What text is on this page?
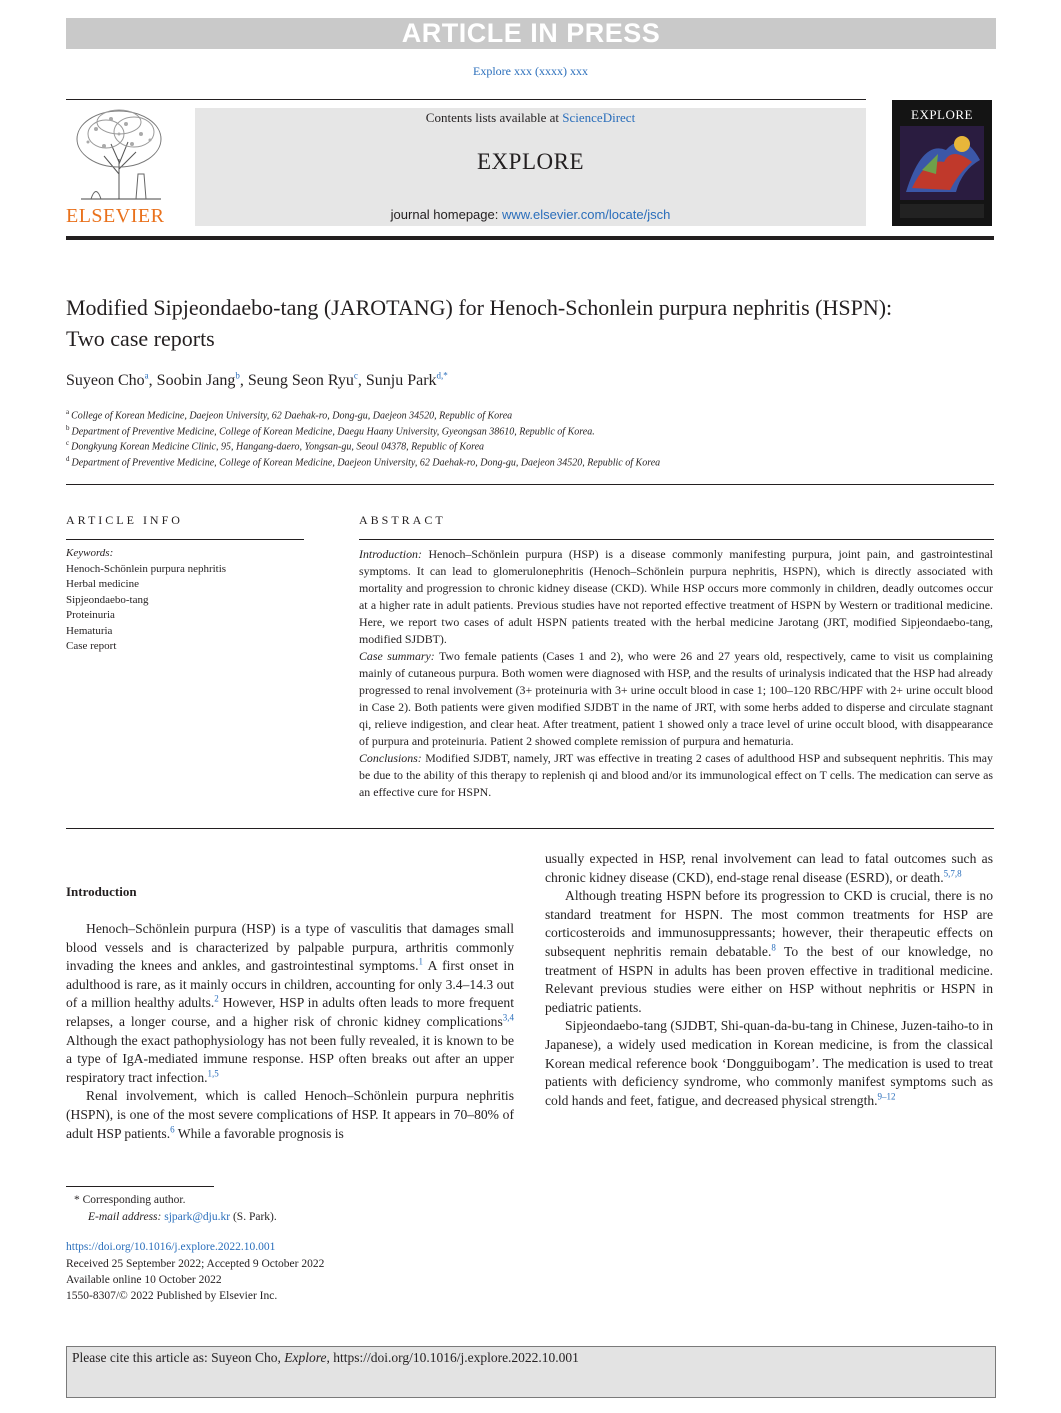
ARTICLE IN PRESS
Explore xxx (xxxx) xxx
ELSEVIER
Contents lists available at ScienceDirect
EXPLORE
journal homepage: www.elsevier.com/locate/jsch
EXPLORE
Modified Sipjeondaebo-tang (JAROTANG) for Henoch-Schonlein purpura nephritis (HSPN): Two case reports
Suyeon Cho$^a$, Soobin Jang$^b$, Seung Seon Ryu$^c$, Sunju Park$^{d,*}$
$^a$ College of Korean Medicine, Daejeon University, 62 Daehak-ro, Dong-gu, Daejeon 34520, Republic of Korea
$^b$ Department of Preventive Medicine, College of Korean Medicine, Daegu Haany University, Gyeongsan 38610, Republic of Korea.
$^c$ Dongkyung Korean Medicine Clinic, 95, Hangang-daero, Yongsan-gu, Seoul 04378, Republic of Korea
$^d$ Department of Preventive Medicine, College of Korean Medicine, Daejeon University, 62 Daehak-ro, Dong-gu, Daejeon 34520, Republic of Korea
ARTICLE INFO
Keywords:
Henoch-Schönlein purpura nephritis
Herbal medicine
Sipjeondaebo-tang
Proteinuria
Hematuria
Case report
ABSTRACT
Introduction: Henoch–Schönlein purpura (HSP) is a disease commonly manifesting purpura, joint pain, and gastrointestinal symptoms. It can lead to glomerulonephritis (Henoch–Schönlein purpura nephritis, HSPN), which is directly associated with mortality and progression to chronic kidney disease (CKD). While HSP occurs more commonly in children, deadly outcomes occur at a higher rate in adult patients. Previous studies have not reported effective treatment of HSPN by Western or traditional medicine. Here, we report two cases of adult HSPN patients treated with the herbal medicine Jarotang (JRT, modified Sipjeondaebo-tang, modified SJDBT).
Case summary: Two female patients (Cases 1 and 2), who were 26 and 27 years old, respectively, came to visit us complaining mainly of cutaneous purpura. Both women were diagnosed with HSP, and the results of urinalysis indicated that the HSP had already progressed to renal involvement (3+ proteinuria with 3+ urine occult blood in case 1; 100–120 RBC/HPF with 2+ urine occult blood in Case 2). Both patients were given modified SJDBT in the name of JRT, with some herbs added to disperse and circulate stagnant qi, relieve indigestion, and clear heat. After treatment, patient 1 showed only a trace level of urine occult blood, with disappearance of purpura and proteinuria. Patient 2 showed complete remission of purpura and hematuria.
Conclusions: Modified SJDBT, namely, JRT was effective in treating 2 cases of adulthood HSP and subsequent nephritis. This may be due to the ability of this therapy to replenish qi and blood and/or its immunological effect on T cells. The medication can serve as an effective cure for HSPN.
Introduction

Henoch–Schönlein purpura (HSP) is a type of vasculitis that damages small blood vessels and is characterized by palpable purpura, arthritis commonly invading the knees and ankles, and gastrointestinal symptoms.$^1$ A first onset in adulthood is rare, as it mainly occurs in children, accounting for only 3.4–14.3 out of a million healthy adults.$^2$ However, HSP in adults often leads to more frequent relapses, a longer course, and a higher risk of chronic kidney complications$^{3,4}$ Although the exact pathophysiology has not been fully revealed, it is known to be a type of IgA-mediated immune response. HSP often breaks out after an upper respiratory tract infection.$^{1,5}$

Renal involvement, which is called Henoch–Schönlein purpura nephritis (HSPN), is one of the most severe complications of HSP. It appears in 70–80% of adult HSP patients.$^6$ While a favorable prognosis is

usually expected in HSP, renal involvement can lead to fatal outcomes such as chronic kidney disease (CKD), end-stage renal disease (ESRD), or death.$^{5,7,8}$

Although treating HSPN before its progression to CKD is crucial, there is no standard treatment for HSPN. The most common treatments for HSP are corticosteroids and immunosuppressants; however, their therapeutic effects on subsequent nephritis remain debatable.$^8$ To the best of our knowledge, no treatment of HSPN in adults has been proven effective in traditional medicine. Relevant previous studies were either on HSP without nephritis or HSPN in pediatric patients.

Sipjeondaebo-tang (SJDBT, Shi-quan-da-bu-tang in Chinese, Juzen-taiho-to in Japanese), a widely used medication in Korean medicine, is from the classical Korean medical reference book ‘Dongguibogam’. The medication is used to treat patients with deficiency syndrome, who commonly manifest symptoms such as cold hands and feet, fatigue, and decreased physical strength.$^{9-12}$

* Corresponding author.
E-mail address: sjpark@dju.kr (S. Park).
https://doi.org/10.1016/j.explore.2022.10.001
Received 25 September 2022; Accepted 9 October 2022
Available online 10 October 2022
1550-8307/© 2022 Published by Elsevier Inc.
Please cite this article as: Suyeon Cho, Explore, https://doi.org/10.1016/j.explore.2022.10.001
